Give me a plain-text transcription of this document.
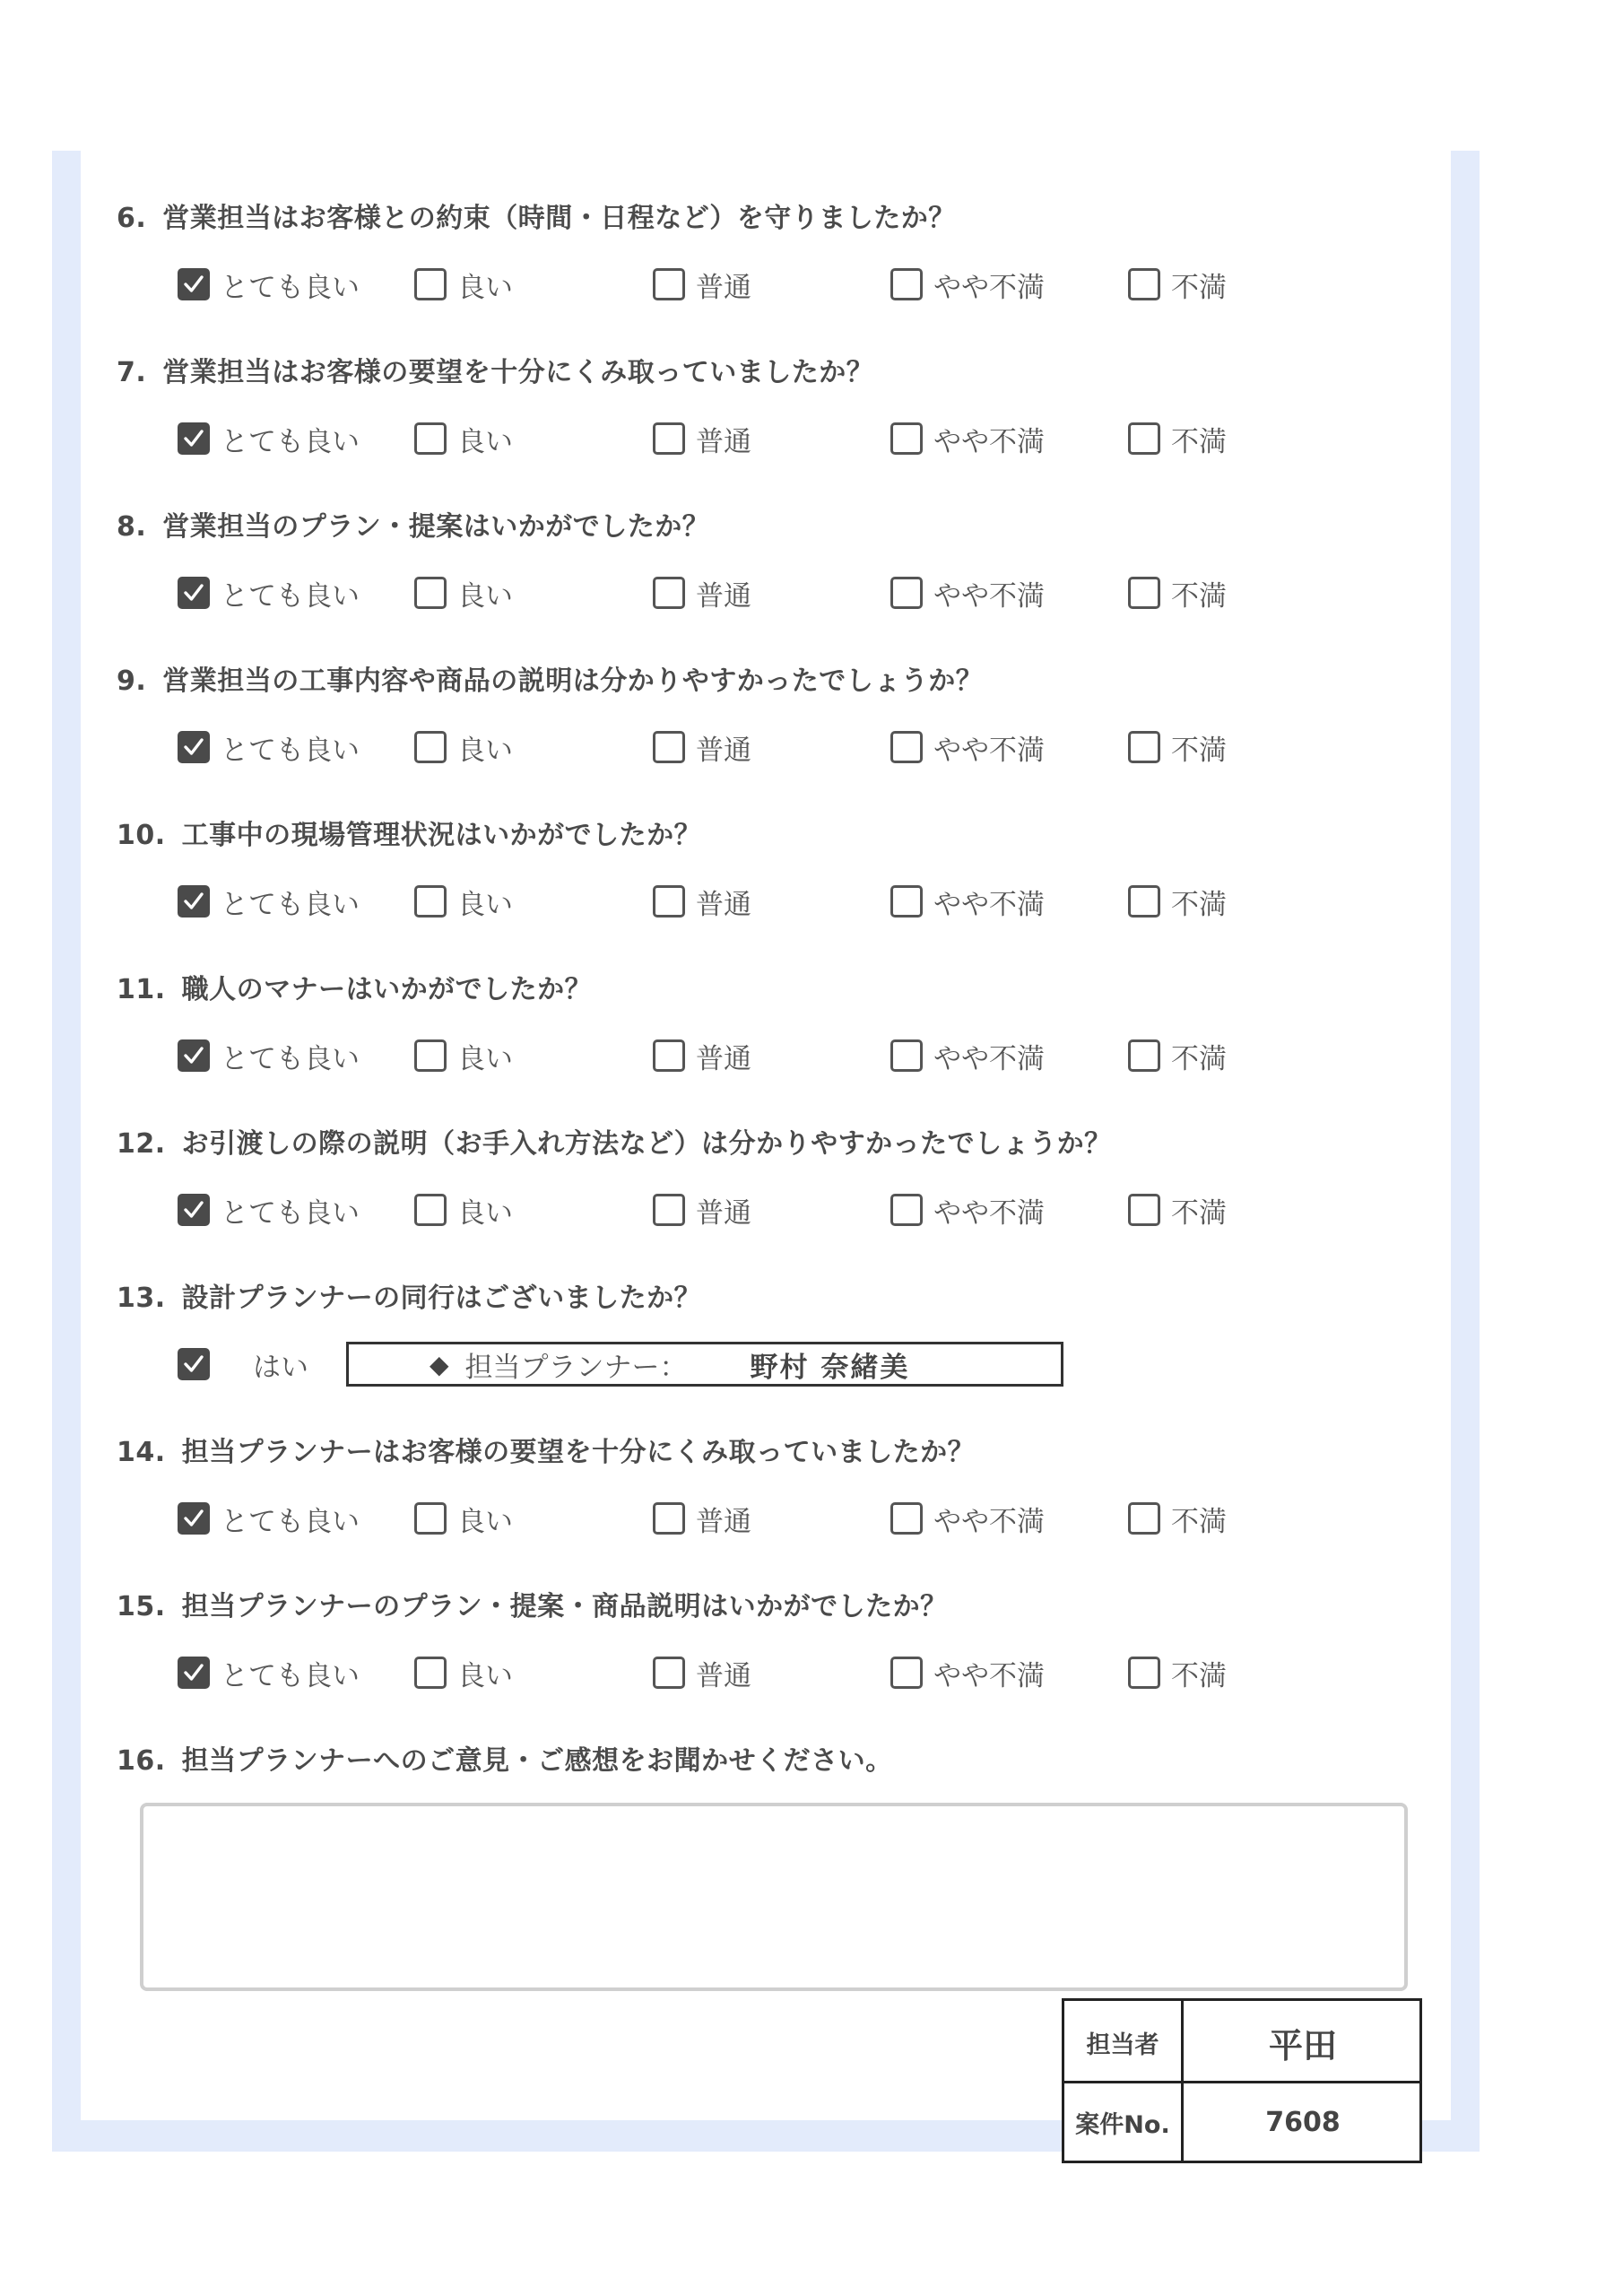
6. 営業担当はお客様との約束（時間・日程など）を守りましたか？
とても良い	良い	普通	やや不満	不満
7. 営業担当はお客様の要望を十分にくみ取っていましたか？
とても良い	良い	普通	やや不満	不満
8. 営業担当のプラン・提案はいかがでしたか？
とても良い	良い	普通	やや不満	不満
9. 営業担当の工事内容や商品の説明は分かりやすかったでしょうか？
とても良い	良い	普通	やや不満	不満
10. 工事中の現場管理状況はいかがでしたか？
とても良い	良い	普通	やや不満	不満
11. 職人のマナーはいかがでしたか？
とても良い	良い	普通	やや不満	不満
12. お引渡しの際の説明（お手入れ方法など）は分かりやすかったでしょうか？
とても良い	良い	普通	やや不満	不満
13. 設計プランナーの同行はございましたか？
はい	◆ 担当プランナー： 野村 奈緒美
14. 担当プランナーはお客様の要望を十分にくみ取っていましたか？
とても良い	良い	普通	やや不満	不満
15. 担当プランナーのプラン・提案・商品説明はいかがでしたか？
とても良い	良い	普通	やや不満	不満
16. 担当プランナーへのご意見・ご感想をお聞かせください。
担当者	平田
案件No.	7608
